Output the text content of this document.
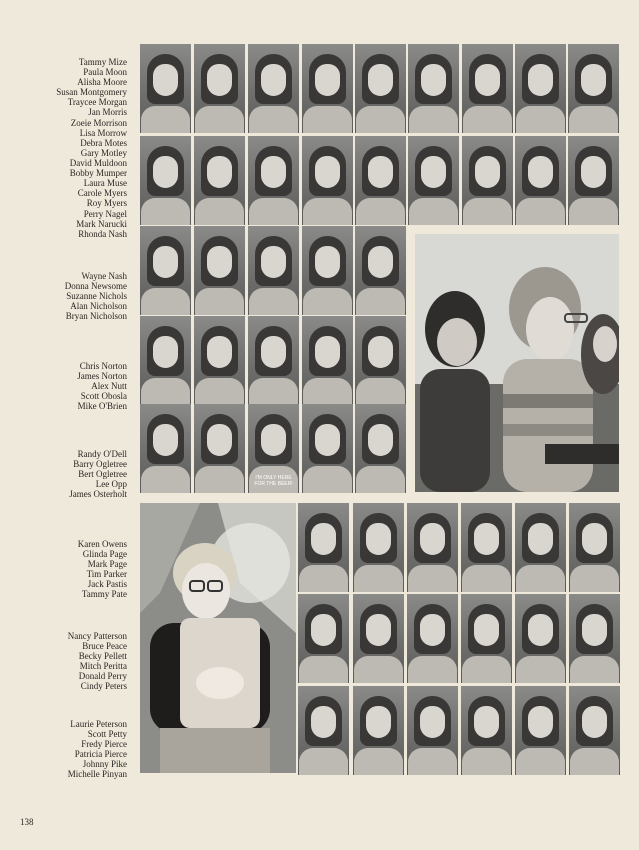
Tammy Mize
Paula Moon
Alisha Moore
Susan Montgomery
Traycee Morgan
Jan Morris
Zoeie Morrison
Lisa Morrow
Debra Motes
Gary Motley
David Muldoon
Bobby Mumper
Laura Muse
Carole Myers
Roy Myers
Perry Nagel
Mark Narucki
Rhonda Nash
Wayne Nash
Donna Newsome
Suzanne Nichols
Alan Nicholson
Bryan Nicholson
Chris Norton
James Norton
Alex Nutt
Scott Obosla
Mike O'Brien
Randy O'Dell
Barry Ogletree
Bert Ogletree
Lee Opp
James Osterholt
Karen Owens
Glinda Page
Mark Page
Tim Parker
Jack Pastis
Tammy Pate
Nancy Patterson
Bruce Peace
Becky Pellett
Mitch Peritta
Donald Perry
Cindy Peters
Laurie Peterson
Scott Petty
Fredy Pierce
Patricia Pierce
Johnny Pike
Michelle Pinyan
I'M ONLY HERE FOR THE BEER!
138
